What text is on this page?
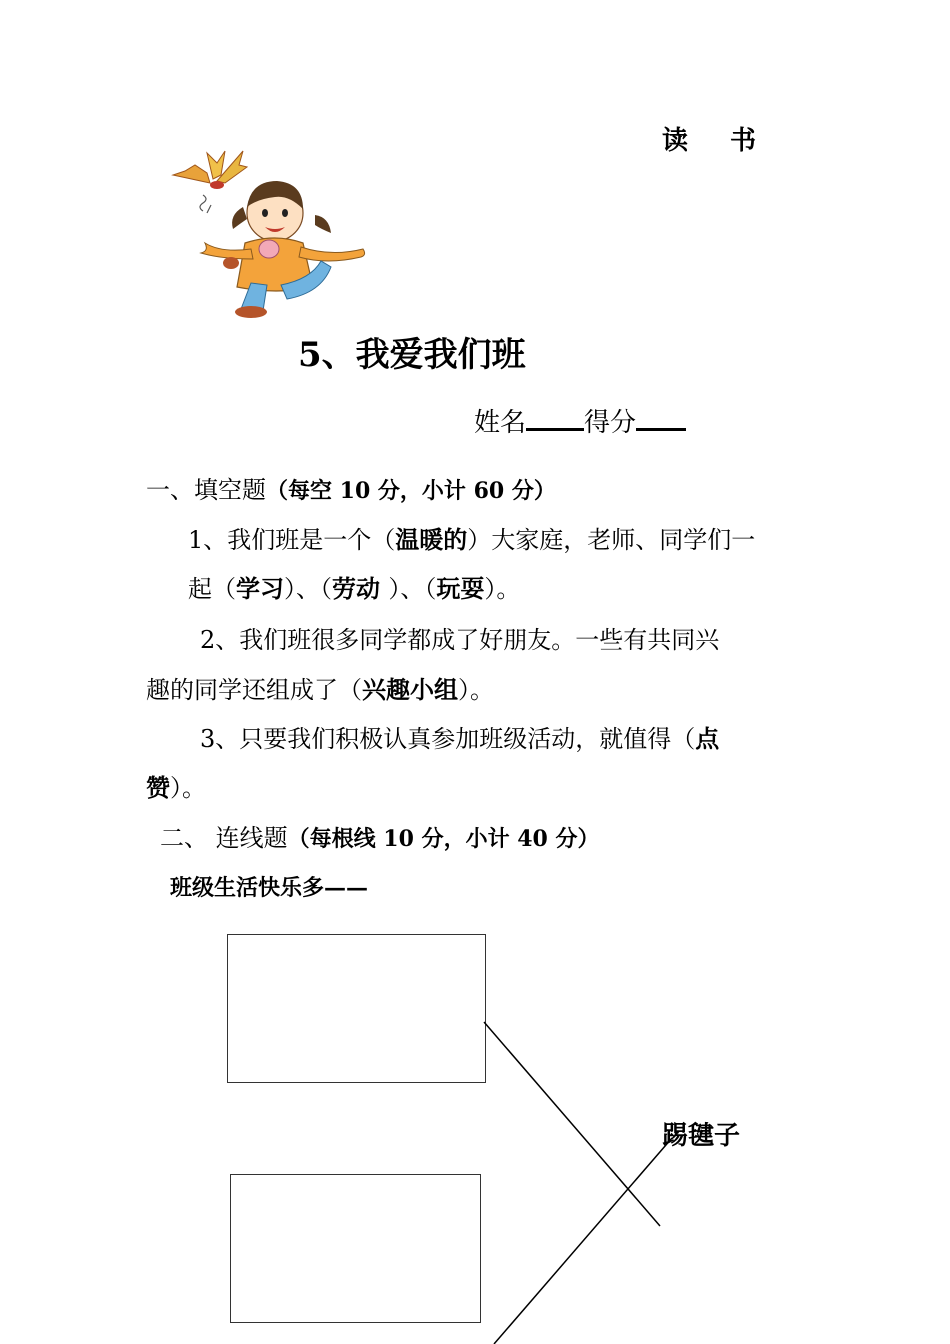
读 书
5、我爱我们班
姓名 得分
一、填空题（每空 10 分，小计 60 分）
1、我们班是一个（温暖的）大家庭，老师、同学们一
起（学习）、（劳动 ）、（玩耍）。
2、我们班很多同学都成了好朋友。一些有共同兴
趣的同学还组成了（兴趣小组）。
3、只要我们积极认真参加班级活动，就值得（点
赞）。
二、 连线题（每根线 10 分，小计 40 分）
班级生活快乐多——
踢毽子
